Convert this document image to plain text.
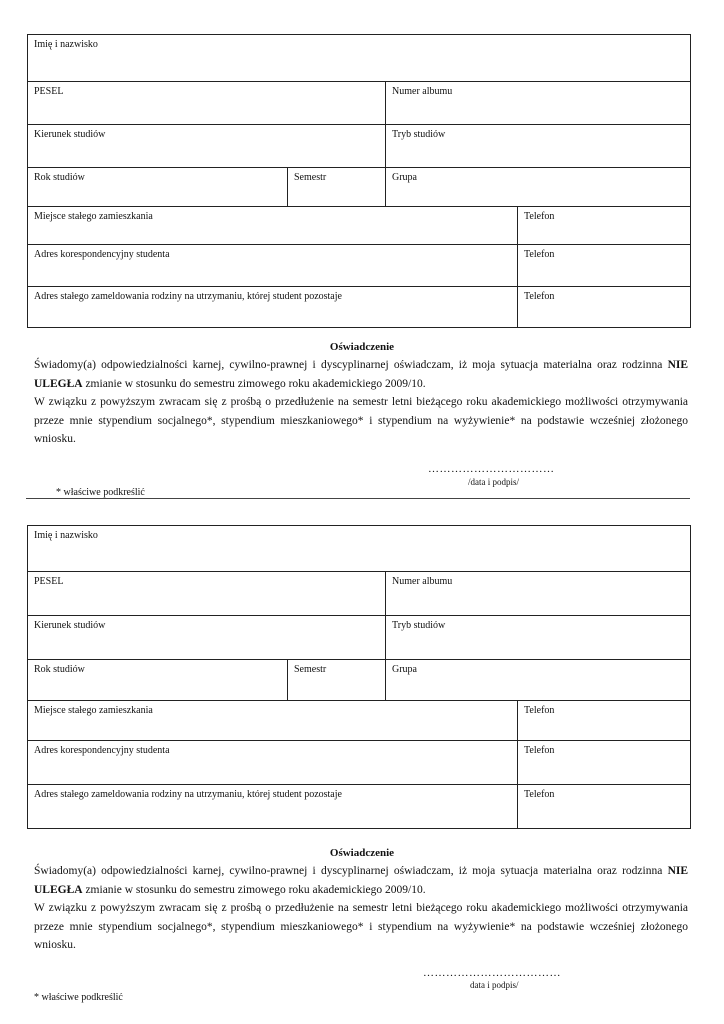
Imię i nazwisko
PESEL	Numer albumu
Kierunek studiów	Tryb studiów
Rok studiów	Semestr	Grupa
Miejsce stałego zamieszkania	Telefon
Adres korespondencyjny studenta	Telefon
Adres stałego zameldowania rodziny na utrzymaniu, której student pozostaje	Telefon
Oświadczenie

Świadomy(a) odpowiedzialności karnej, cywilno-prawnej i dyscyplinarnej oświadczam, iż moja sytuacja materialna oraz rodzinna NIE ULEGŁA zmianie w stosunku do semestru zimowego roku akademickiego 2009/10.

W związku z powyższym zwracam się z prośbą o przedłużenie na semestr letni bieżącego roku akademickiego możliwości otrzymywania przeze mnie stypendium socjalnego*, stypendium mieszkaniowego* i stypendium na wyżywienie* na podstawie wcześniej złożonego wniosku.

……………………………
/data i podpis/
* właściwe podkreślić
Imię i nazwisko
PESEL	Numer albumu
Kierunek studiów	Tryb studiów
Rok studiów	Semestr	Grupa
Miejsce stałego zamieszkania	Telefon
Adres korespondencyjny studenta	Telefon
Adres stałego zameldowania rodziny na utrzymaniu, której student pozostaje	Telefon
Oświadczenie

Świadomy(a) odpowiedzialności karnej, cywilno-prawnej i dyscyplinarnej oświadczam, iż moja sytuacja materialna oraz rodzinna NIE ULEGŁA zmianie w stosunku do semestru zimowego roku akademickiego 2009/10.

W związku z powyższym zwracam się z prośbą o przedłużenie na semestr letni bieżącego roku akademickiego możliwości otrzymywania przeze mnie stypendium socjalnego*, stypendium mieszkaniowego* i stypendium na wyżywienie* na podstawie wcześniej złożonego wniosku.

………………………………
data i podpis/
* właściwe podkreślić
